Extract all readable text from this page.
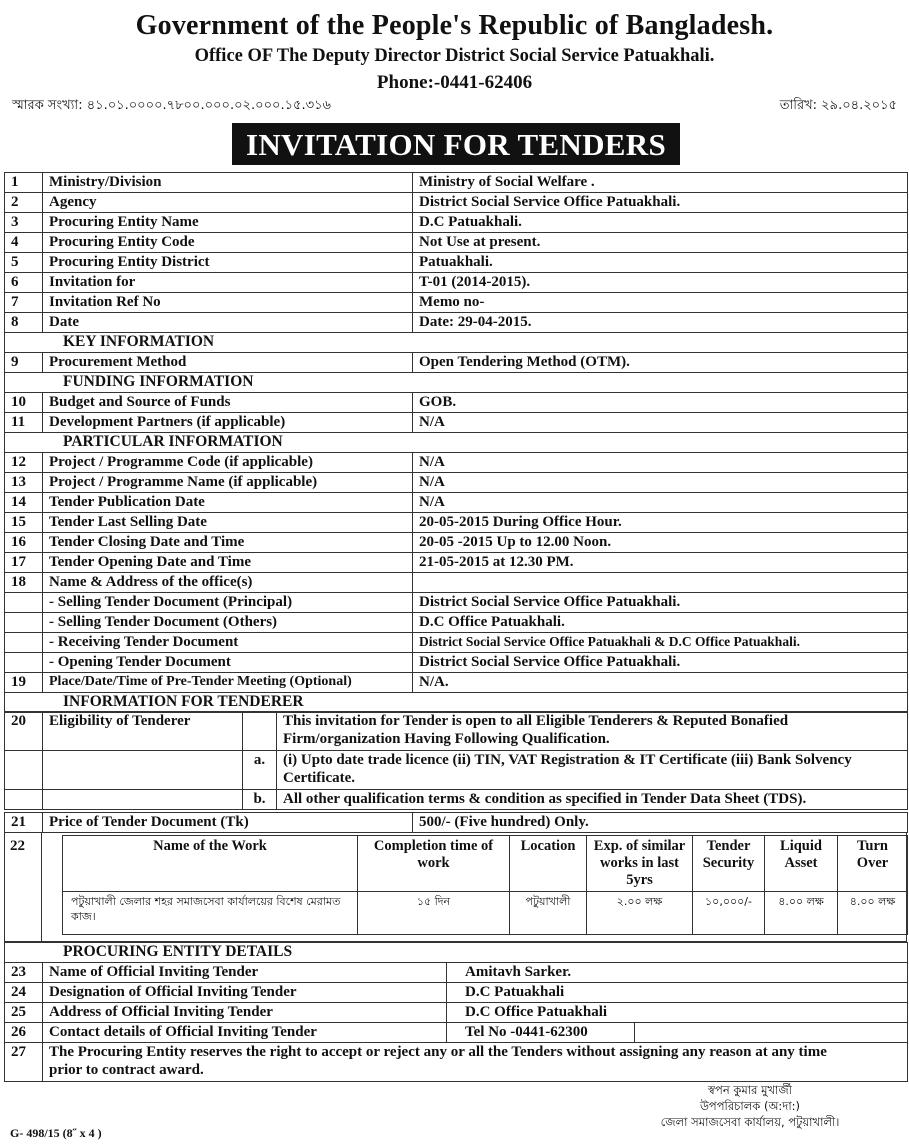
Government of the People's Republic of Bangladesh.
Office OF The Deputy Director District Social Service Patuakhali.
Phone:-0441-62406
স্মারক সংখ্যা: ৪১.০১.০০০০.৭৮০০.০০০.০২.০০০.১৫.৩১৬	তারিখ: ২৯.০৪.২০১৫
INVITATION FOR TENDERS
1	Ministry/Division	Ministry of Social Welfare .
2	Agency	District Social Service Office Patuakhali.
3	Procuring Entity Name	D.C Patuakhali.
4	Procuring Entity Code	Not Use at present.
5	Procuring Entity District	Patuakhali.
6	Invitation for	T-01 (2014-2015).
7	Invitation Ref No	Memo no-
8	Date	Date: 29-04-2015.
KEY INFORMATION		
9	Procurement Method	Open Tendering Method (OTM).
FUNDING INFORMATION		
10	Budget and Source of Funds	GOB.
11	Development Partners (if applicable)	N/A
PARTICULAR INFORMATION		
12	Project / Programme Code (if applicable)	N/A
13	Project / Programme Name (if applicable)	N/A
14	Tender Publication Date	N/A
15	Tender Last Selling Date	20-05-2015 During Office Hour.
16	Tender Closing Date and Time	20-05 -2015 Up to 12.00 Noon.
17	Tender Opening Date and Time	21-05-2015 at 12.30 PM.
18	Name & Address of the office(s)	
	- Selling Tender Document (Principal)	District Social Service Office Patuakhali.
	- Selling Tender Document (Others)	D.C Office Patuakhali.
	- Receiving Tender Document	District Social Service Office Patuakhali & D.C Office Patuakhali.
	- Opening Tender Document	District Social Service Office Patuakhali.
19	Place/Date/Time of Pre-Tender Meeting (Optional)	N/A.
INFORMATION FOR TENDERER		
20	Eligibility of Tenderer		This invitation for Tender is open to all Eligible Tenderers & Reputed Bonafied Firm/organization Having Following Qualification.
		a.	(i) Upto date trade licence (ii) TIN, VAT Registration & IT Certificate (iii) Bank Solvency Certificate.
		b.	All other qualification terms & condition as specified in Tender Data Sheet (TDS).
21	Price of Tender Document (Tk)	500/- (Five hundred) Only.
22	Name of the Work	Completion time of work	Location	Exp. of similar works in last 5yrs	Tender Security	Liquid Asset	Turn Over
পটুয়াখালী জেলার শহর সমাজসেবা কার্যালয়ের বিশেষ মেরামত কাজ।	১৫ দিন	পটুয়াখালী	২.০০ লক্ষ	১০,০০০/-	৪.০০ লক্ষ	৪.০০ লক্ষ
PROCURING ENTITY DETAILS			
23	Name of Official Inviting Tender	Amitavh Sarker.	
24	Designation of Official Inviting Tender	D.C Patuakhali	
25	Address of Official Inviting Tender	D.C Office Patuakhali	
26	Contact details of Official Inviting Tender	Tel No -0441-62300	
27	The Procuring Entity reserves the right to accept or reject any or all the Tenders without assigning any reason at any time prior to contract award.		
স্বপন কুমার মুখার্জী
উপপরিচালক (অ:দা:)
জেলা সমাজসেবা কার্যালয়, পটুয়াখালী।
G- 498/15 (8˝ x 4 )
